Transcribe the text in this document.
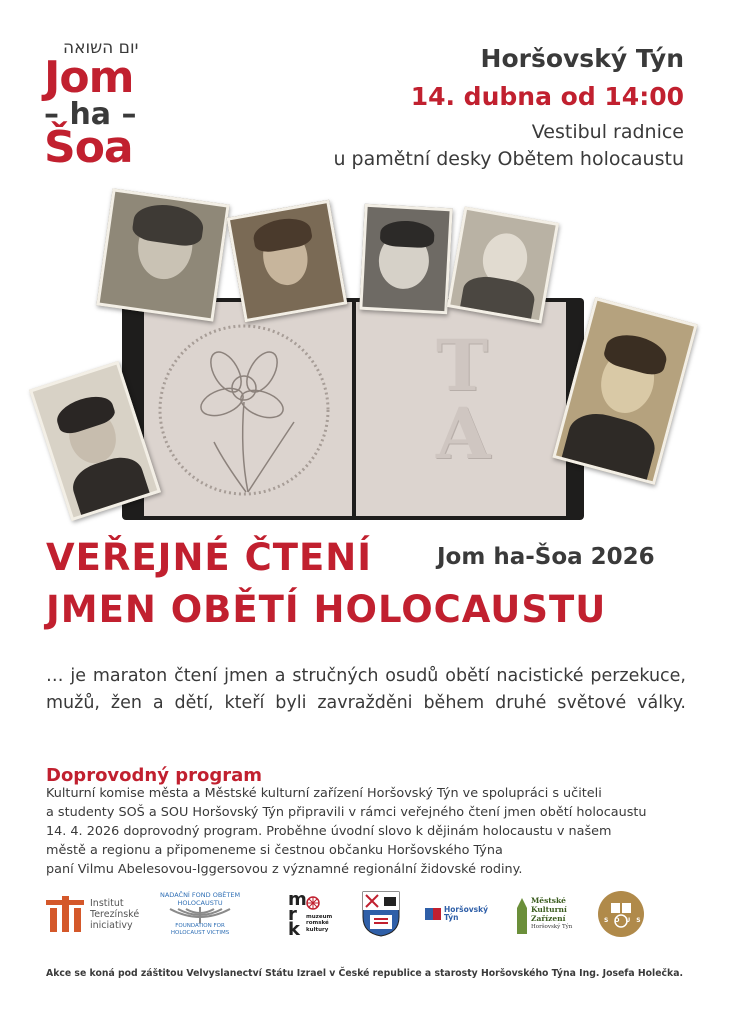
יום השואה
Jom
– ha –
Šoa
Horšovský Týn
14. dubna od 14:00
Vestibul radnice
u pamětní desky Obětem holocaustu
TA
VEŘEJNÉ ČTENÍ	Jom ha-Šoa 2026
JMEN OBĚTÍ HOLOCAUSTU
… je maraton čtení jmen a stručných osudů obětí nacistické perzekuce,
mužů, žen a dětí, kteří byli zavražděni během druhé světové války.
Doprovodný program
Kulturní komise města a Městské kulturní zařízení Horšovský Týn ve spolupráci s učiteli
a studenty SOŠ a SOU Horšovský Týn připravili v rámci veřejného čtení jmen obětí holocaustu
14. 4. 2026 doprovodný program. Proběhne úvodní slovo k dějinám holocaustu v našem
městě a regionu a připomeneme si čestnou občanku Horšovského Týna
paní Vilmu Abelesovou-Iggersovou z významné regionální židovské rodiny.
Institut
Terezínské
iniciativy
NADAČNÍ FOND OBĚTEM
HOLOCAUSTU
FOUNDATION FOR
HOLOCAUST VICTIMS
mrk
muzeum
romské
kultury
Horšovský
Týn
Městské
Kulturní
Zařízení
Horšovský Týn
SOUS
Akce se koná pod záštitou Velvyslanectví Státu Izrael v České republice a starosty Horšovského Týna Ing. Josefa Holečka.
